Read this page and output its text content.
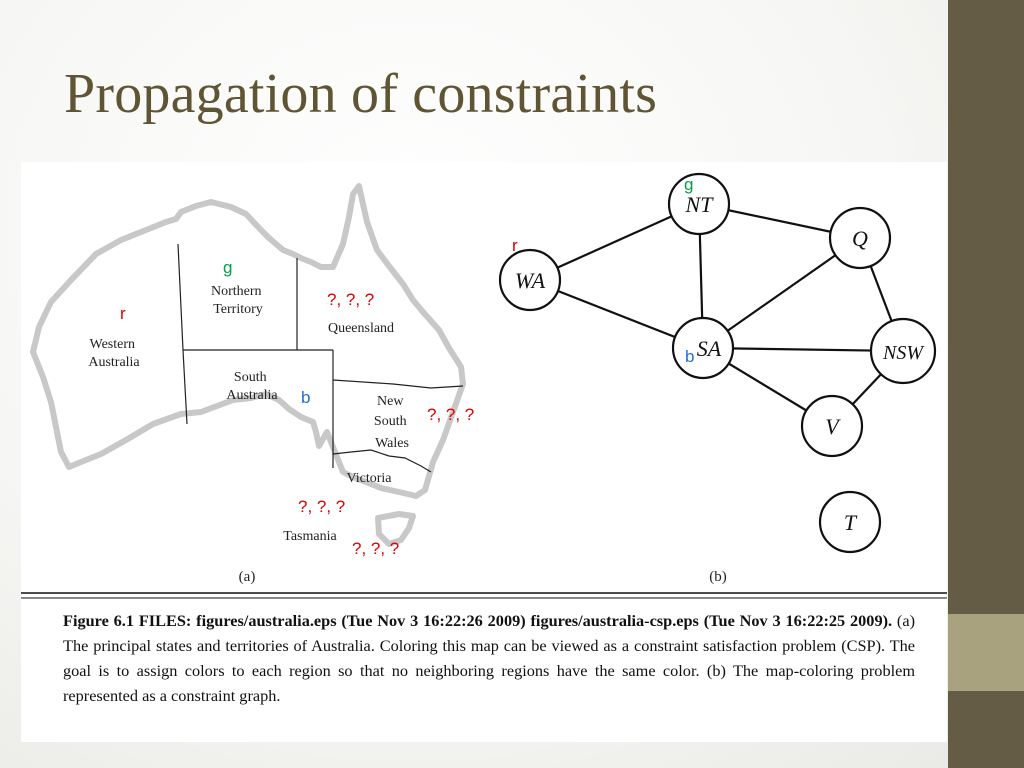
Propagation of constraints
Western Australia
Northern Territory
South Australia
Queensland
New South Wales
Victoria
Tasmania
r
g
b
?, ?, ?
?, ?, ?
?, ?, ?
?, ?, ?
(a)
WA
NT
Q
SA	NSW
V
T
r
g
b
(b)
Figure 6.1 FILES: figures/australia.eps (Tue Nov 3 16:22:26 2009) figures/australia-csp.eps (Tue Nov 3 16:22:25 2009). (a) The principal states and territories of Australia. Coloring this map can be viewed as a constraint satisfaction problem (CSP). The goal is to assign colors to each region so that no neighboring regions have the same color. (b) The map-coloring problem represented as a constraint graph.
